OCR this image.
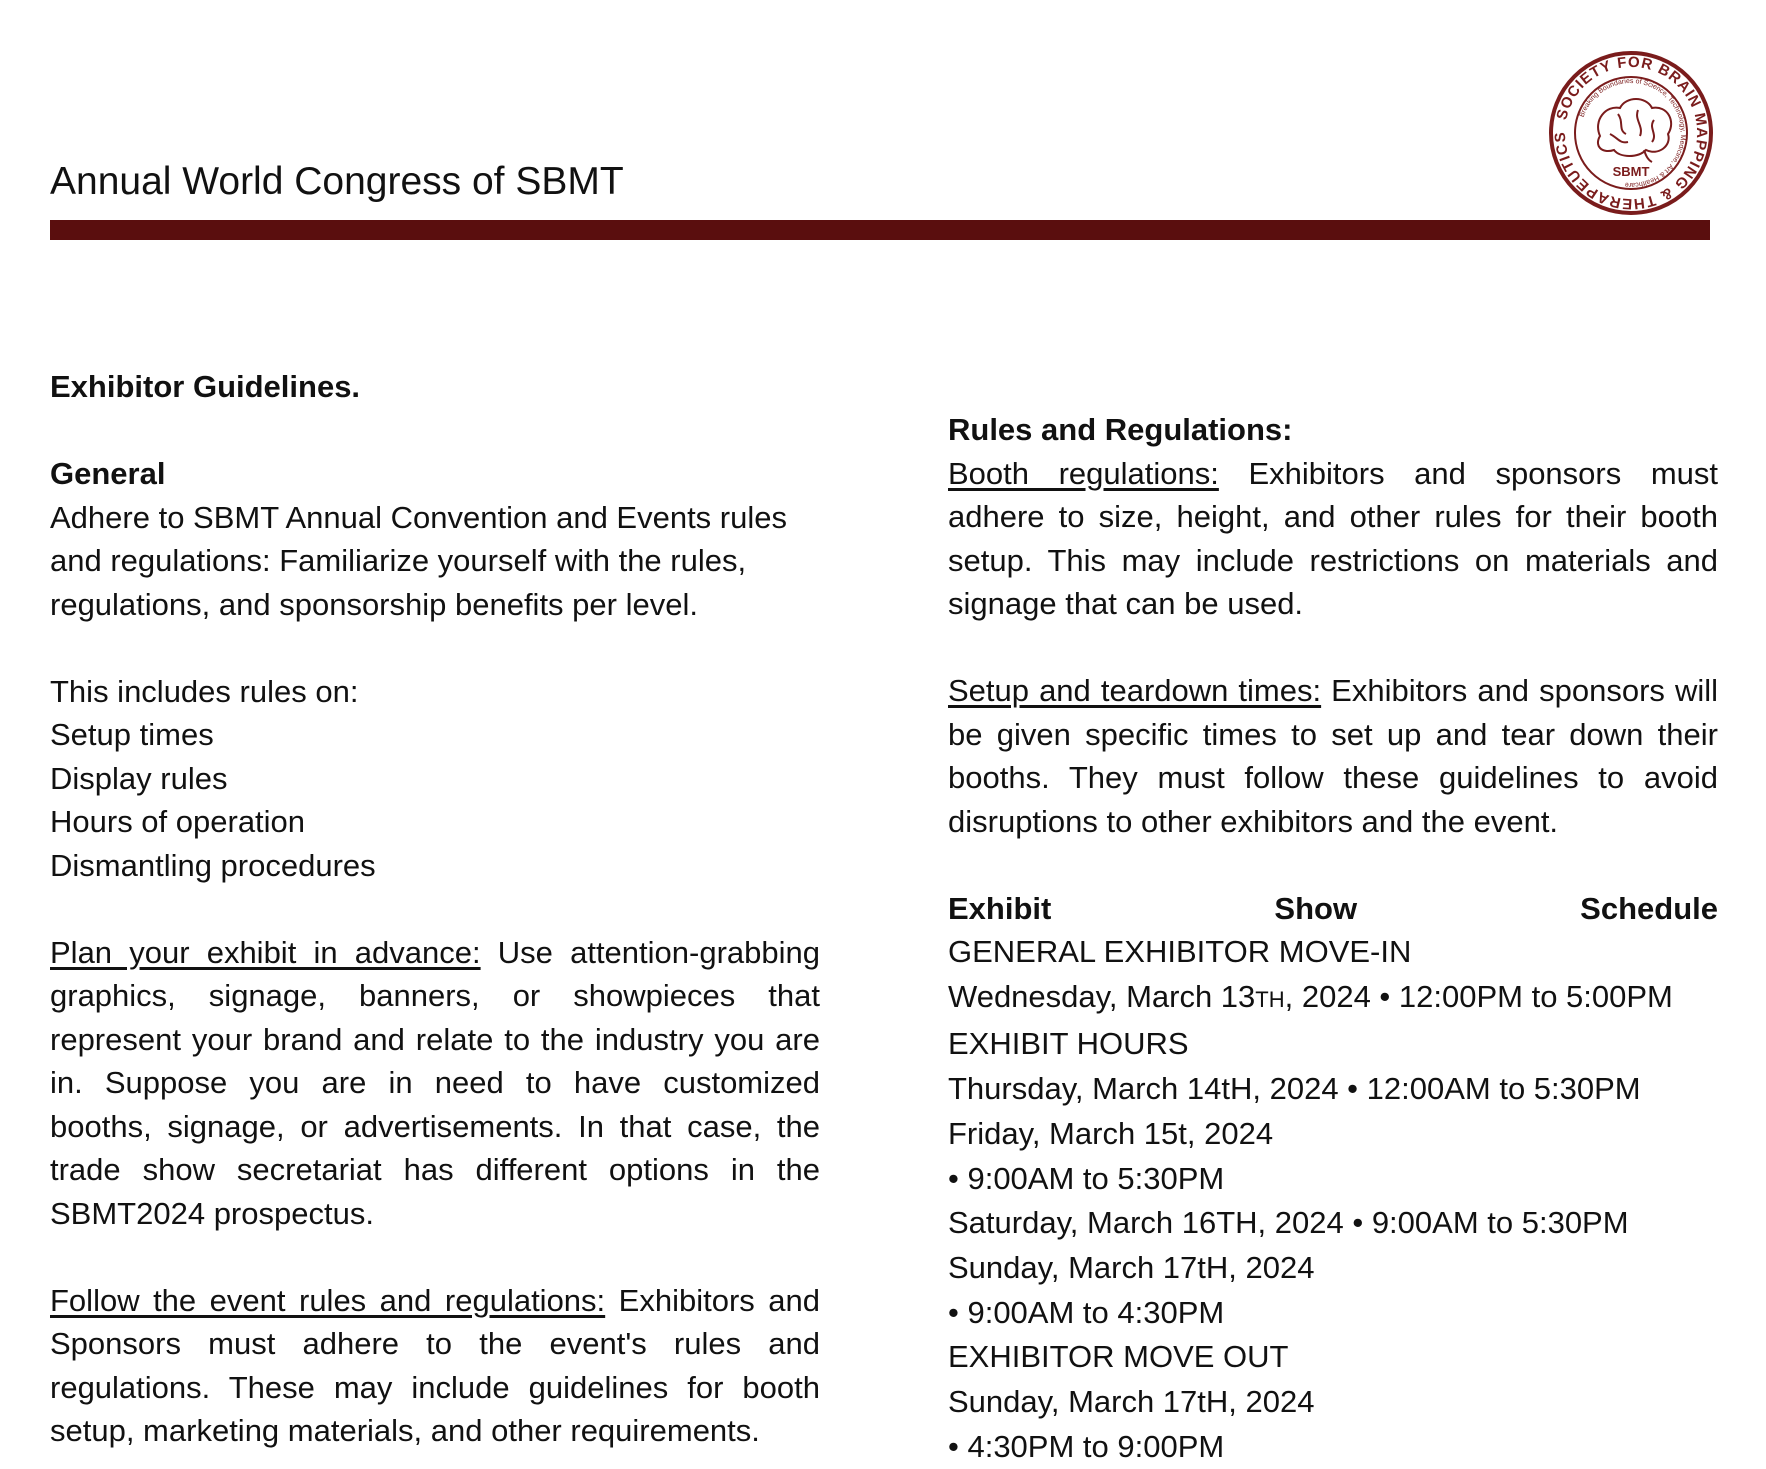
Annual World Congress of SBMT
SOCIETY FOR BRAIN MAPPING & THERAPEUTICS
Breaking Boundaries of Science, Technology, Medicine, Art & Healthcare
SBMT

Exhibitor Guidelines.

General

Adhere to SBMT Annual Convention and Events rules

and regulations: Familiarize yourself with the rules,

regulations, and sponsorship benefits per level.

This includes rules on:

Setup times

Display rules

Hours of operation

Dismantling procedures

Plan your exhibit in advance: Use attention-grabbing graphics, signage, banners, or showpieces that represent your brand and relate to the industry you are in. Suppose you are in need to have customized booths, signage, or advertisements. In that case, the trade show secretariat has different options in the SBMT2024 prospectus.

Follow the event rules and regulations: Exhibitors and Sponsors must adhere to the event's rules and regulations. These may include guidelines for booth setup, marketing materials, and other requirements.

Rules and Regulations:

Booth regulations: Exhibitors and sponsors must adhere to size, height, and other rules for their booth setup. This may include restrictions on materials and signage that can be used.

Setup and teardown times: Exhibitors and sponsors will be given specific times to set up and tear down their booths. They must follow these guidelines to avoid disruptions to other exhibitors and the event.

Exhibit	Show	Schedule

GENERAL EXHIBITOR MOVE-IN

Wednesday, March 13TH, 2024 • 12:00PM to 5:00PM

EXHIBIT HOURS

Thursday, March 14tH, 2024 • 12:00AM to 5:30PM

Friday, March 15t, 2024

• 9:00AM to 5:30PM

Saturday, March 16TH, 2024 • 9:00AM to 5:30PM

Sunday, March 17tH, 2024

• 9:00AM to 4:30PM

EXHIBITOR MOVE OUT

Sunday, March 17tH, 2024

• 4:30PM to 9:00PM
